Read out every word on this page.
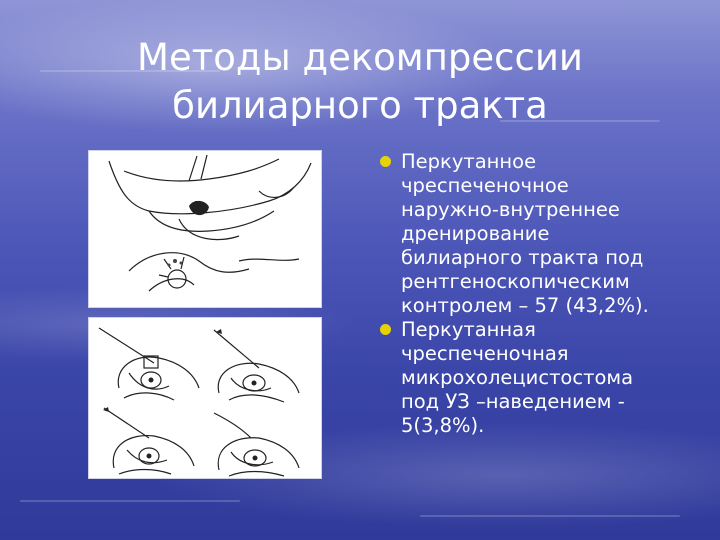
Методы декомпрессии
билиарного тракта
Перкутанное
чреспеченочное
наружно-внутреннее
дренирование
билиарного тракта под
рентгеноскопическим
контролем – 57 (43,2%).
Перкутанная
чреспеченочная
микрохолецистостома
под УЗ –наведением -
5(3,8%).
